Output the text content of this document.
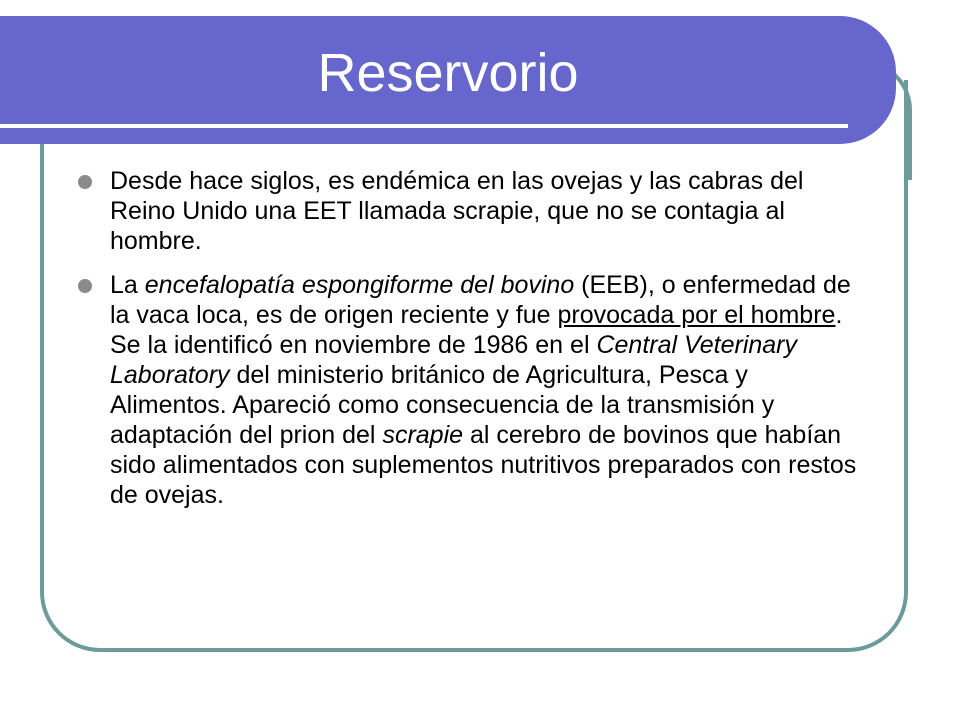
Reservorio
Desde hace siglos, es endémica en las ovejas y las cabras del Reino Unido una EET llamada scrapie, que no se contagia al hombre.
La encefalopatía espongiforme del bovino (EEB), o enfermedad de la vaca loca, es de origen reciente y fue provocada por el hombre. Se la identificó en noviembre de 1986 en el Central Veterinary Laboratory del ministerio británico de Agricultura, Pesca y Alimentos. Apareció como consecuencia de la transmisión y adaptación del prion del scrapie al cerebro de bovinos que habían sido alimentados con suplementos nutritivos preparados con restos de ovejas.
